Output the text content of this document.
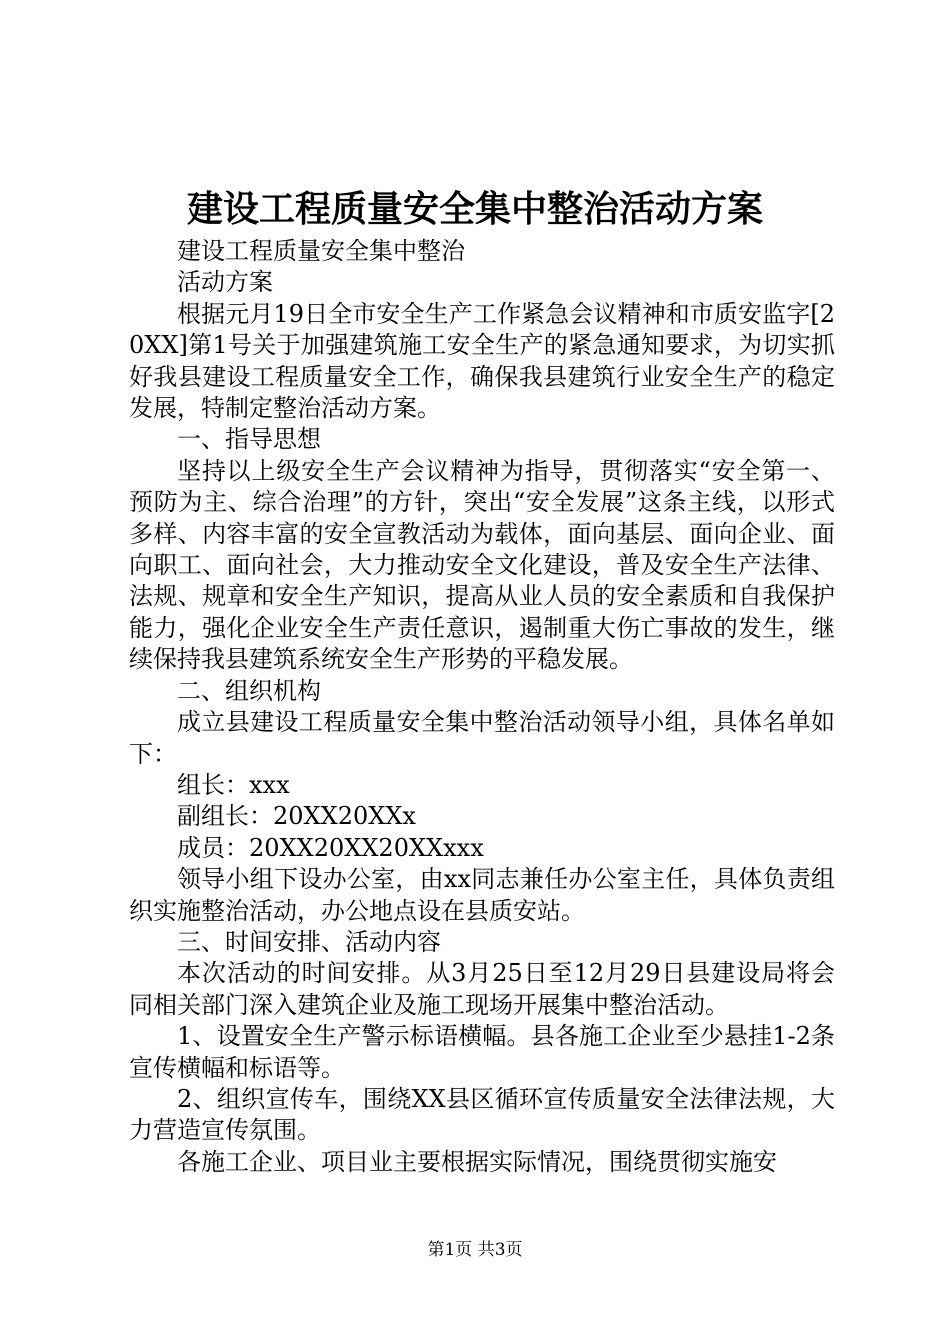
建设工程质量安全集中整治活动方案

建设工程质量安全集中整治

活动方案

根据元月19日全市安全生产工作紧急会议精神和市质安监字[20XX]第1号关于加强建筑施工安全生产的紧急通知要求，为切实抓好我县建设工程质量安全工作，确保我县建筑行业安全生产的稳定发展，特制定整治活动方案。

一、指导思想

坚持以上级安全生产会议精神为指导，贯彻落实“安全第一、预防为主、综合治理”的方针，突出“安全发展”这条主线，以形式多样、内容丰富的安全宣教活动为载体，面向基层、面向企业、面向职工、面向社会，大力推动安全文化建设，普及安全生产法律、法规、规章和安全生产知识，提高从业人员的安全素质和自我保护能力，强化企业安全生产责任意识，遏制重大伤亡事故的发生，继续保持我县建筑系统安全生产形势的平稳发展。

二、组织机构

成立县建设工程质量安全集中整治活动领导小组，具体名单如下：

组长：xxx

副组长：20XX20XXx

成员：20XX20XX20XXxxx

领导小组下设办公室，由xx同志兼任办公室主任，具体负责组织实施整治活动，办公地点设在县质安站。

三、时间安排、活动内容

本次活动的时间安排。从3月25日至12月29日县建设局将会同相关部门深入建筑企业及施工现场开展集中整治活动。

1、设置安全生产警示标语横幅。县各施工企业至少悬挂1-2条宣传横幅和标语等。

2、组织宣传车，围绕XX县区循环宣传质量安全法律法规，大力营造宣传氛围。

各施工企业、项目业主要根据实际情况，围绕贯彻实施安

第1页 共3页
